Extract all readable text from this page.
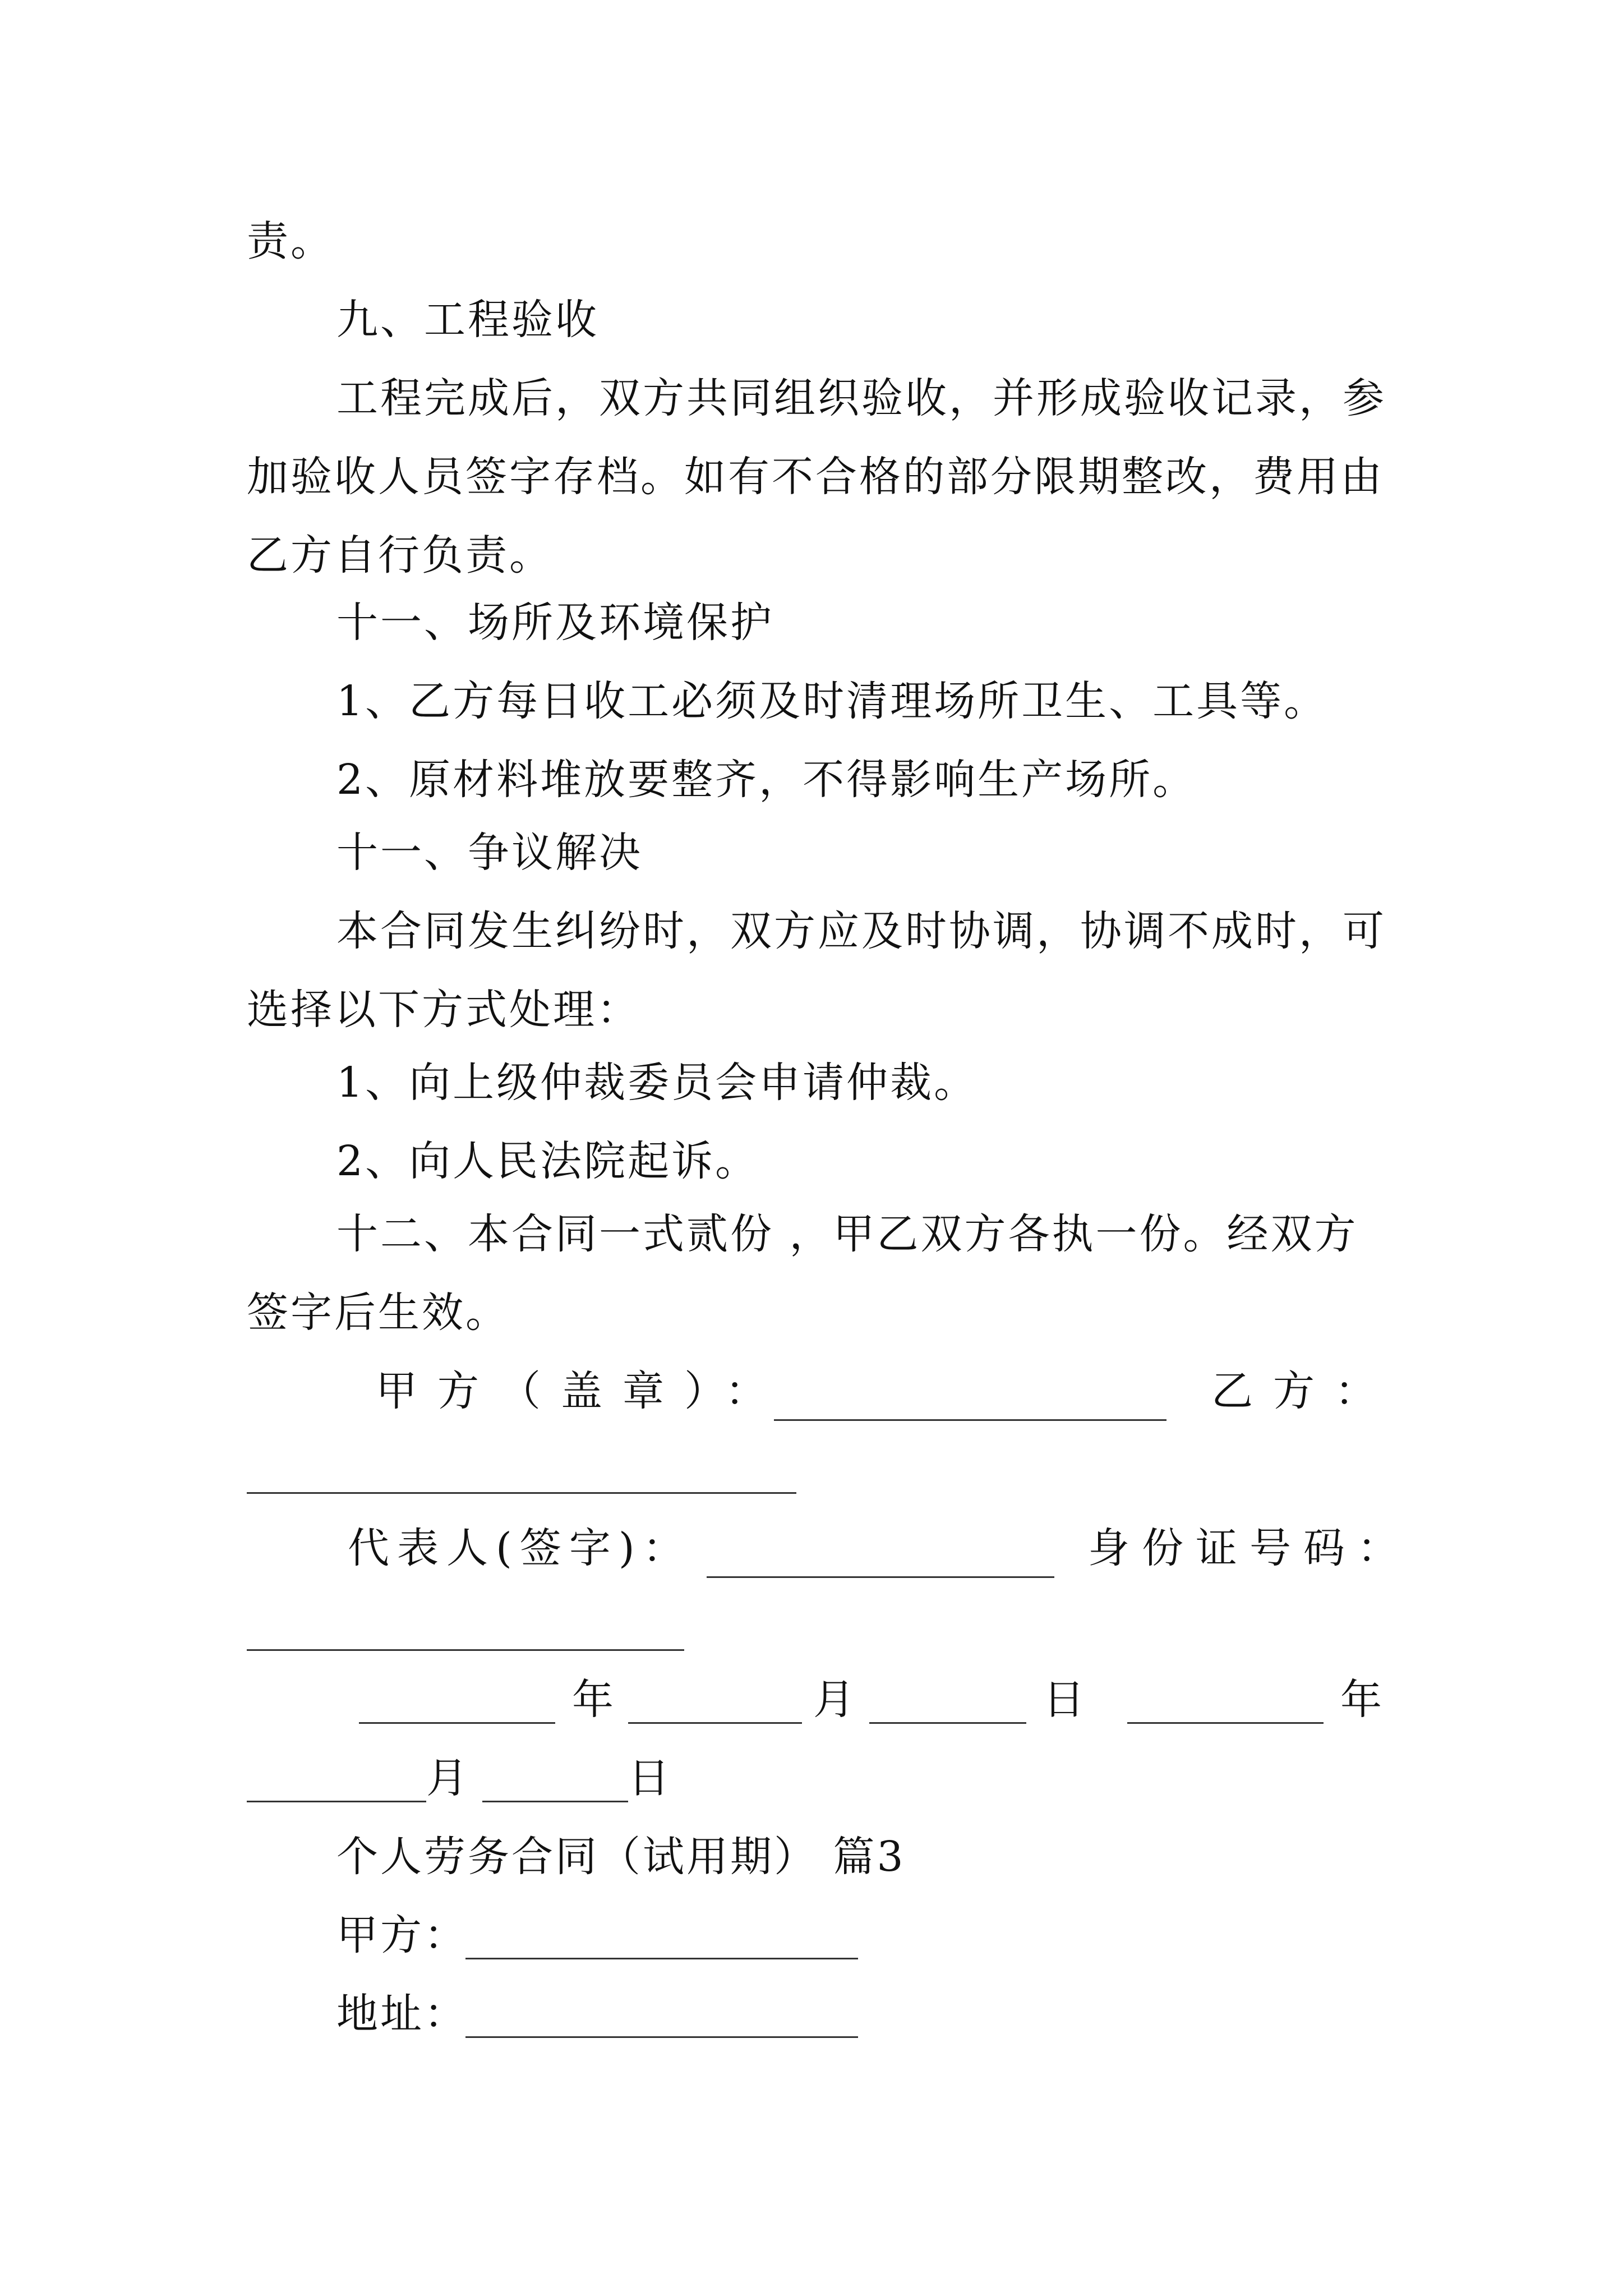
责。
九、工程验收
工程完成后，双方共同组织验收，并形成验收记录，参
加验收人员签字存档。如有不合格的部分限期整改，费用由
乙方自行负责。
十一、场所及环境保护
1、乙方每日收工必须及时清理场所卫生、工具等。
2、原材料堆放要整齐，不得影响生产场所。
十一、争议解决
本合同发生纠纷时，双方应及时协调，协调不成时，可
选择以下方式处理：
1、向上级仲裁委员会申请仲裁。
2、向人民法院起诉。
十二、本合同一式贰份 ，甲乙双方各执一份。经双方
签字后生效。
甲方（盖章）：	乙方：
代表人(签字)：	身份证号码：
年	月	日	年
月	日
个人劳务合同（试用期） 篇3
甲方：
地址：
